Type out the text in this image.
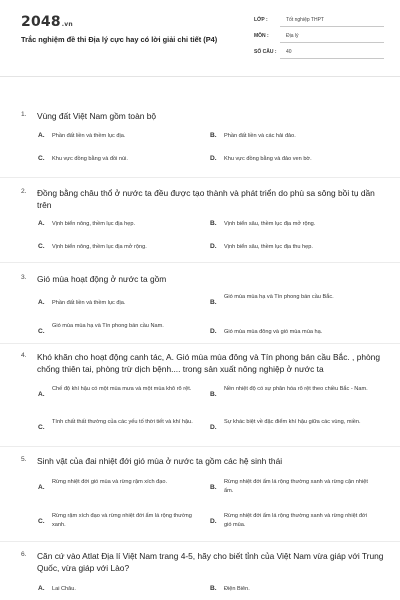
2048.vn
Trắc nghiệm đề thi Địa lý cực hay có lời giải chi tiết (P4)
LỚP :	Tốt nghiệp THPT
MÔN :	Địa lý
SỐ CÂU : 40
1. Vùng đất Việt Nam gồm toàn bộ
A. Phần đất liền và thềm lục địa.	B. Phần đất liền và các hải đảo.
C. Khu vực đồng bằng và đồi núi.	D. Khu vực đồng bằng và đảo ven bờ.
2. Đồng bằng châu thổ ở nước ta đều được tạo thành và phát triển do phù sa sông bồi tụ dần trên
A. Vịnh biển nông, thềm lục địa hẹp.	B. Vịnh biển sâu, thềm lục địa mở rộng.
C. Vịnh biển nông, thềm lục địa mở rộng.	D. Vịnh biển sâu, thềm lục địa thu hẹp.
3. Gió mùa hoạt động ở nước ta gồm
A. Phần đất liền và thềm lục địa.	B.
Gió mùa mùa hạ và Tín phong bán cầu Bắc.
C.
Gió mùa mùa hạ và Tín phong bán cầu Nam.
D. Gió mùa mùa đông và gió mùa mùa hạ.
4. Khó khăn cho hoạt động canh tác, A. Gió mùa mùa đông và Tín phong bán cầu Bắc. , phòng chống thiên tai, phòng trừ dịch bệnh.... trong sản xuất nông nghiệp ở nước ta
A.
Chế độ khí hậu có một mùa mưa và một mùa khô rõ rệt.
B.
Nền nhiệt độ có sự phân hóa rõ rệt theo chiều Bắc - Nam.
C.
Tính chất thất thường của các yếu tố thời tiết và khí hậu.
D.
Sự khác biệt về đặc điểm khí hậu giữa các vùng, miền.
5. Sinh vật của đai nhiệt đới gió mùa ở nước ta gồm các hệ sinh thái
A.
Rừng nhiệt đới gió mùa và rừng rậm xích đạo.
B.
Rừng nhiệt đới ẩm lá rộng thường xanh và rừng cận nhiệt ẩm.
C.
Rừng rậm xích đạo và rừng nhiệt đới ẩm lá rộng thường xanh.	D.
Rừng nhiệt đới ẩm lá rộng thường xanh và rừng nhiệt đới gió mùa.
6. Căn cứ vào Atlat Địa lí Việt Nam trang 4-5, hãy cho biết tỉnh của Việt Nam vừa giáp với Trung Quốc, vừa giáp với Lào?
A. Lai Châu.	B. Điện Biên.
